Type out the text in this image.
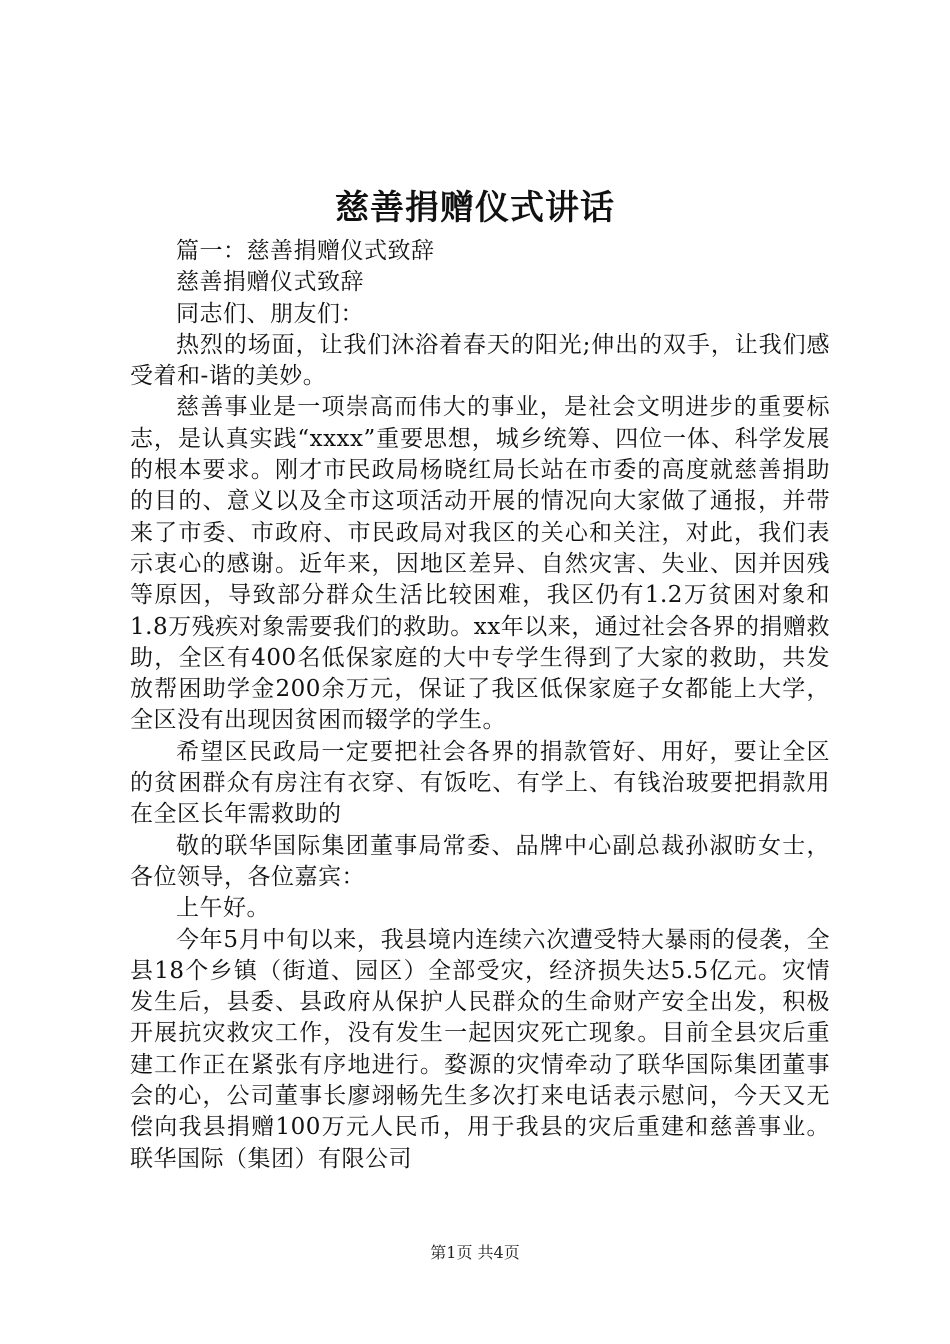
慈善捐赠仪式讲话

篇一：慈善捐赠仪式致辞

慈善捐赠仪式致辞

同志们、朋友们：

热烈的场面，让我们沐浴着春天的阳光;伸出的双手，让我们感受着和-谐的美妙。

慈善事业是一项崇高而伟大的事业，是社会文明进步的重要标志，是认真实践“xxxx”重要思想，城乡统筹、四位一体、科学发展的根本要求。刚才市民政局杨晓红局长站在市委的高度就慈善捐助的目的、意义以及全市这项活动开展的情况向大家做了通报，并带来了市委、市政府、市民政局对我区的关心和关注，对此，我们表示衷心的感谢。近年来，因地区差异、自然灾害、失业、因并因残等原因，导致部分群众生活比较困难，我区仍有1.2万贫困对象和1.8万残疾对象需要我们的救助。xx年以来，通过社会各界的捐赠救助，全区有400名低保家庭的大中专学生得到了大家的救助，共发放帮困助学金200余万元，保证了我区低保家庭子女都能上大学，全区没有出现因贫困而辍学的学生。

希望区民政局一定要把社会各界的捐款管好、用好，要让全区的贫困群众有房注有衣穿、有饭吃、有学上、有钱治玻要把捐款用在全区长年需救助的

敬的联华国际集团董事局常委、品牌中心副总裁孙淑昉女士，各位领导，各位嘉宾：

上午好。

今年5月中旬以来，我县境内连续六次遭受特大暴雨的侵袭，全县18个乡镇（街道、园区）全部受灾，经济损失达5.5亿元。灾情发生后，县委、县政府从保护人民群众的生命财产安全出发，积极开展抗灾救灾工作，没有发生一起因灾死亡现象。目前全县灾后重建工作正在紧张有序地进行。婺源的灾情牵动了联华国际集团董事会的心，公司董事长廖翊畅先生多次打来电话表示慰问，今天又无偿向我县捐赠100万元人民币，用于我县的灾后重建和慈善事业。联华国际（集团）有限公司

第1页 共4页
